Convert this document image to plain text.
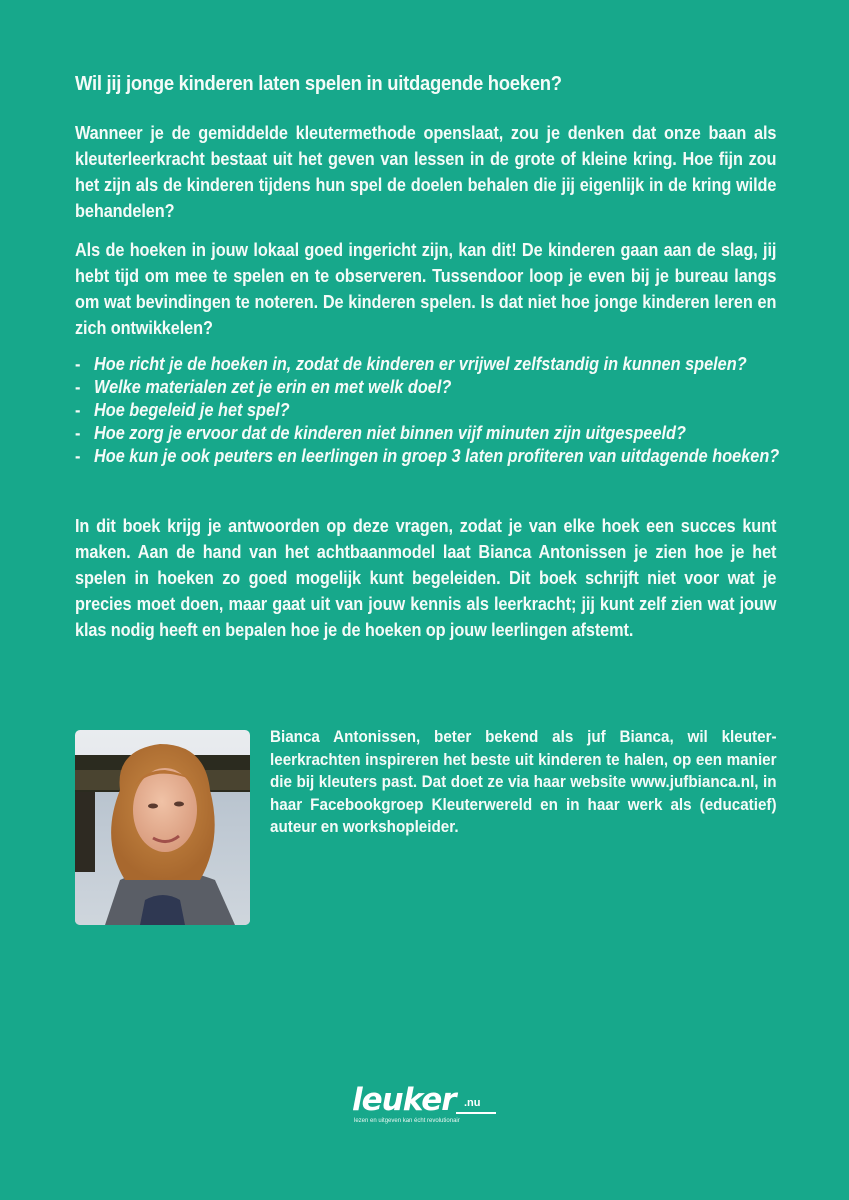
Wil jij jonge kinderen laten spelen in uitdagende hoeken?
Wanneer je de gemiddelde kleutermethode openslaat, zou je denken dat onze baan als kleuterleerkracht bestaat uit het geven van lessen in de grote of kleine kring. Hoe fijn zou het zijn als de kinderen tijdens hun spel de doelen behalen die jij eigenlijk in de kring wilde behandelen?
Als de hoeken in jouw lokaal goed ingericht zijn, kan dit! De kinderen gaan aan de slag, jij hebt tijd om mee te spelen en te observeren. Tussendoor loop je even bij je bureau langs om wat bevindingen te noteren. De kinderen spelen. Is dat niet hoe jonge kinderen leren en zich ontwikkelen?
- Hoe richt je de hoeken in, zodat de kinderen er vrijwel zelfstandig in kunnen spelen?
- Welke materialen zet je erin en met welk doel?
- Hoe begeleid je het spel?
- Hoe zorg je ervoor dat de kinderen niet binnen vijf minuten zijn uitgespeeld?
- Hoe kun je ook peuters en leerlingen in groep 3 laten profiteren van uitdagende hoeken?
In dit boek krijg je antwoorden op deze vragen, zodat je van elke hoek een succes kunt maken. Aan de hand van het achtbaanmodel laat Bianca Antonissen je zien hoe je het spelen in hoeken zo goed mogelijk kunt begeleiden. Dit boek schrijft niet voor wat je precies moet doen, maar gaat uit van jouw kennis als leerkracht; jij kunt zelf zien wat jouw klas nodig heeft en bepalen hoe je de hoeken op jouw leerlingen afstemt.
Bianca Antonissen, beter bekend als juf Bianca, wil kleuter-leerkrachten inspireren het beste uit kinderen te halen, op een manier die bij kleuters past. Dat doet ze via haar website www.jufbianca.nl, in haar Facebookgroep Kleuterwereld en in haar werk als (educatief) auteur en workshopleider.
leuker .nu
lezen en uitgeven kan écht revolutionair
